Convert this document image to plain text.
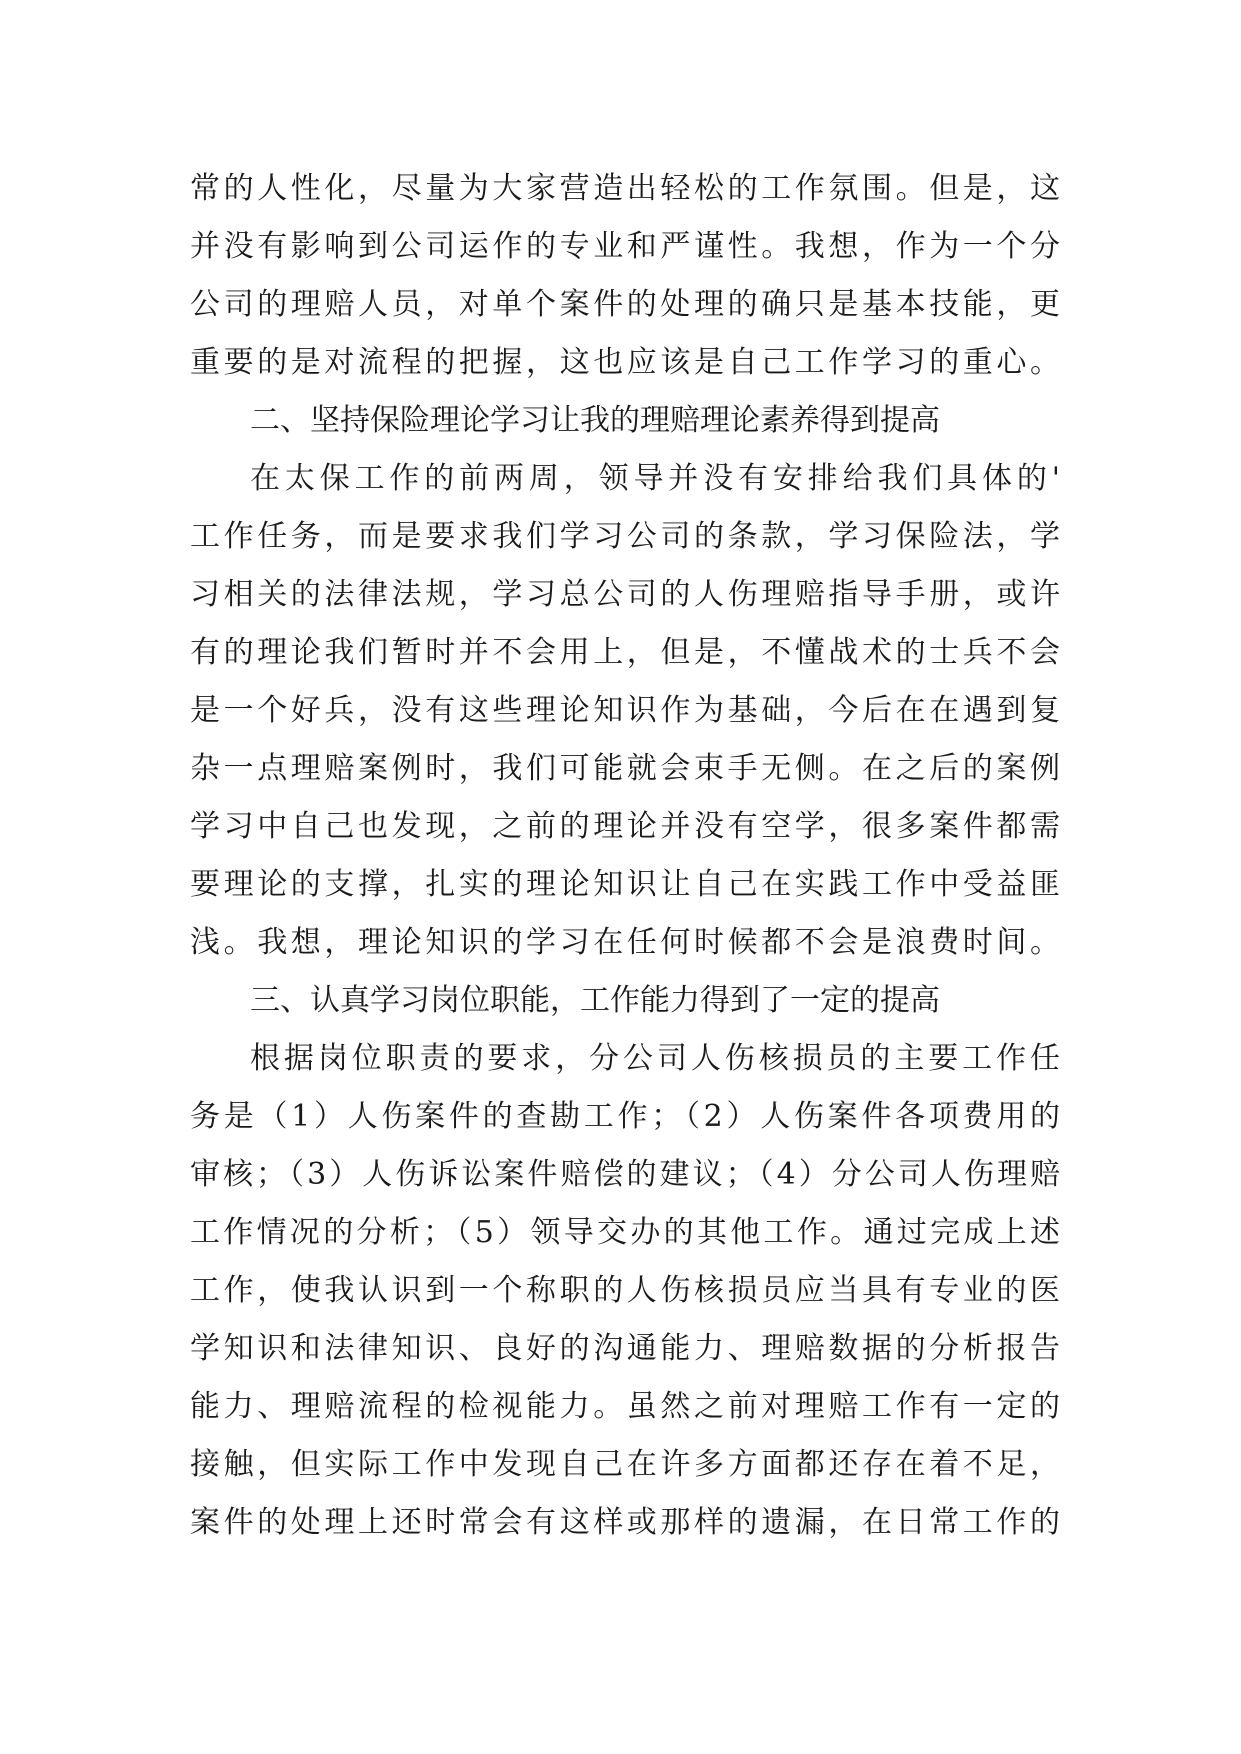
常的人性化，尽量为大家营造出轻松的工作氛围。但是，这
并没有影响到公司运作的专业和严谨性。我想，作为一个分
公司的理赔人员，对单个案件的处理的确只是基本技能，更
重要的是对流程的把握，这也应该是自己工作学习的重心。
二、坚持保险理论学习让我的理赔理论素养得到提高
在太保工作的前两周，领导并没有安排给我们具体的'
工作任务，而是要求我们学习公司的条款，学习保险法，学
习相关的法律法规，学习总公司的人伤理赔指导手册，或许
有的理论我们暂时并不会用上，但是，不懂战术的士兵不会
是一个好兵，没有这些理论知识作为基础，今后在在遇到复
杂一点理赔案例时，我们可能就会束手无侧。在之后的案例
学习中自己也发现，之前的理论并没有空学，很多案件都需
要理论的支撑，扎实的理论知识让自己在实践工作中受益匪
浅。我想，理论知识的学习在任何时候都不会是浪费时间。
三、认真学习岗位职能，工作能力得到了一定的提高
根据岗位职责的要求，分公司人伤核损员的主要工作任
务是（1）人伤案件的查勘工作；（2）人伤案件各项费用的
审核；（3）人伤诉讼案件赔偿的建议；（4）分公司人伤理赔
工作情况的分析；（5）领导交办的其他工作。通过完成上述
工作，使我认识到一个称职的人伤核损员应当具有专业的医
学知识和法律知识、良好的沟通能力、理赔数据的分析报告
能力、理赔流程的检视能力。虽然之前对理赔工作有一定的
接触，但实际工作中发现自己在许多方面都还存在着不足，
案件的处理上还时常会有这样或那样的遗漏，在日常工作的
